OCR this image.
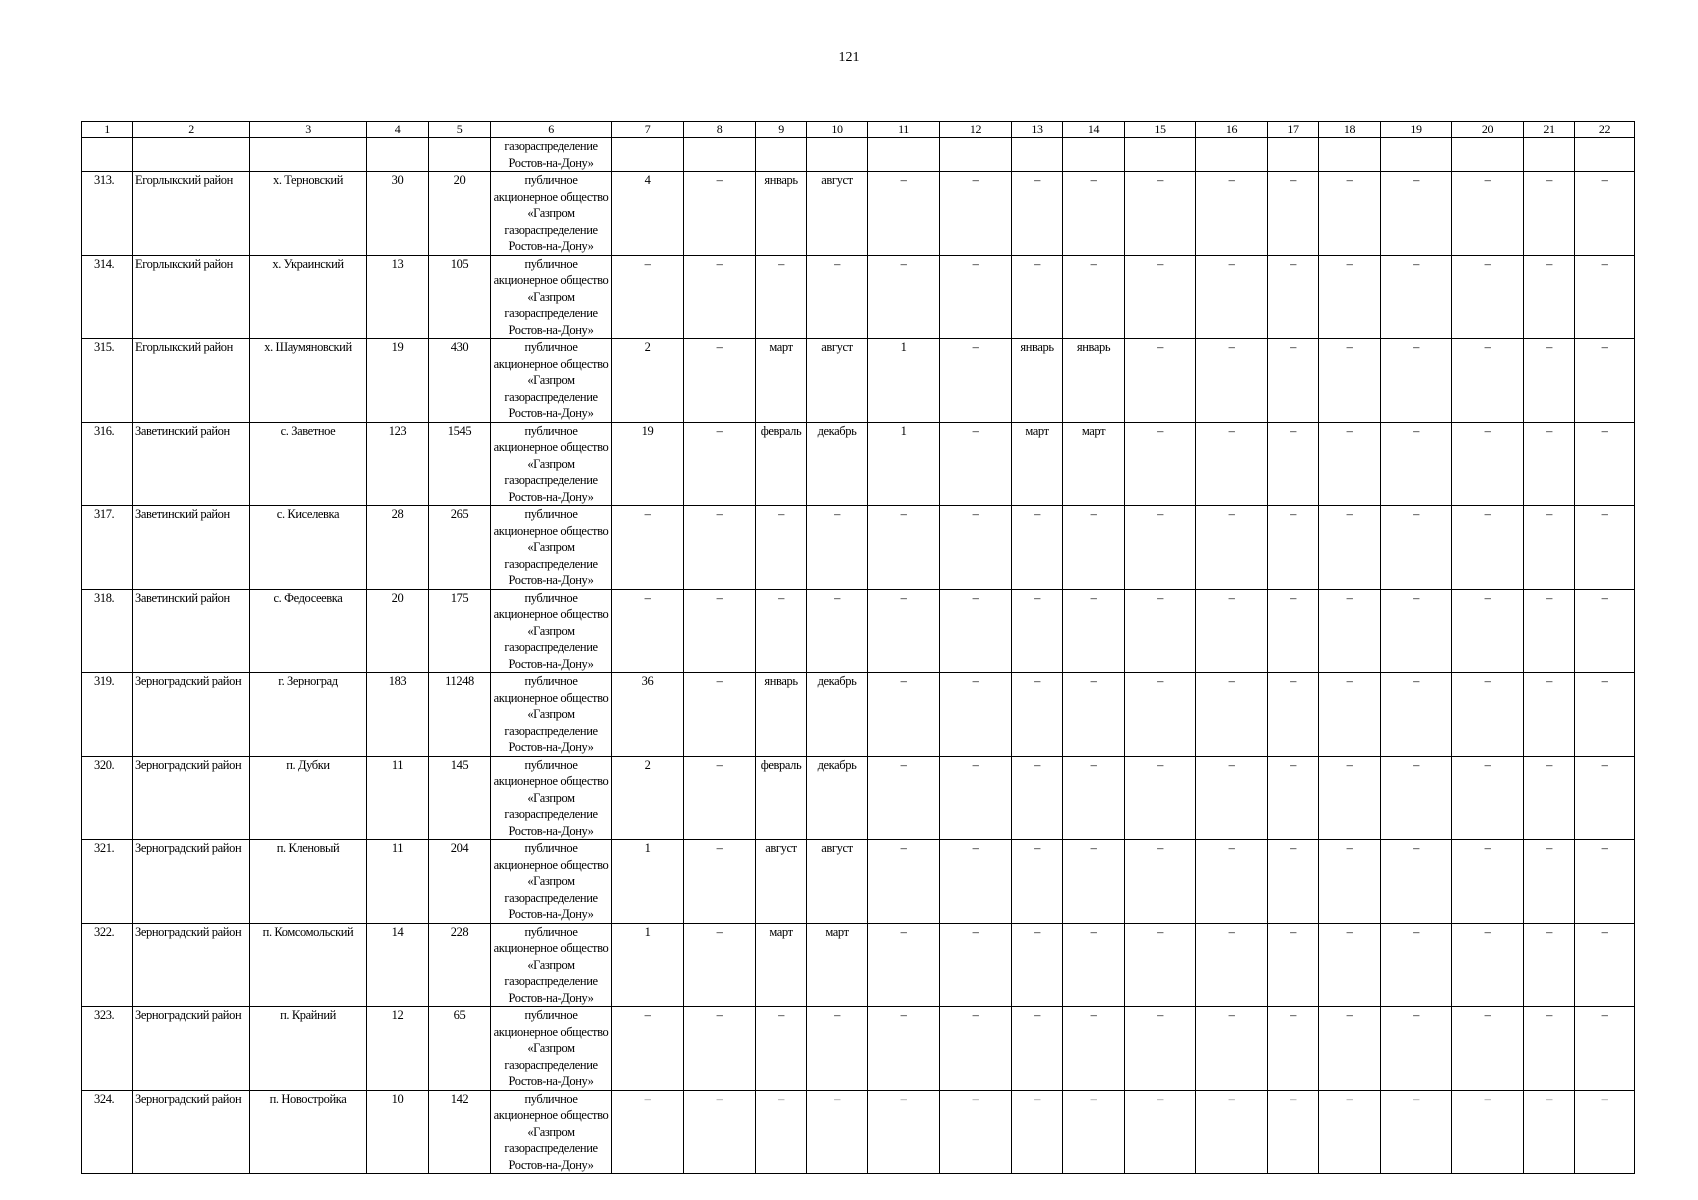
121
1	2	3	4	5	6	7	8	9	10	11	12	13	14	15	16	17	18	19	20	21	22
					газораспределение Ростов-на-Дону»																
313.	Егорлыкский район	х. Терновский	30	20	публичное акционерное общество «Газпром газораспределение Ростов-на-Дону»	4	–	январь	август	–	–	–	–	–	–	–	–	–	–	–	–
314.	Егорлыкский район	х. Украинский	13	105	публичное акционерное общество «Газпром газораспределение Ростов-на-Дону»	–	–	–	–	–	–	–	–	–	–	–	–	–	–	–	–
315.	Егорлыкский район	х. Шаумяновский	19	430	публичное акционерное общество «Газпром газораспределение Ростов-на-Дону»	2	–	март	август	1	–	январь	январь	–	–	–	–	–	–	–	–
316.	Заветинский район	с. Заветное	123	1545	публичное акционерное общество «Газпром газораспределение Ростов-на-Дону»	19	–	февраль	декабрь	1	–	март	март	–	–	–	–	–	–	–	–
317.	Заветинский район	с. Киселевка	28	265	публичное акционерное общество «Газпром газораспределение Ростов-на-Дону»	–	–	–	–	–	–	–	–	–	–	–	–	–	–	–	–
318.	Заветинский район	с. Федосеевка	20	175	публичное акционерное общество «Газпром газораспределение Ростов-на-Дону»	–	–	–	–	–	–	–	–	–	–	–	–	–	–	–	–
319.	Зерноградский район	г. Зерноград	183	11248	публичное акционерное общество «Газпром газораспределение Ростов-на-Дону»	36	–	январь	декабрь	–	–	–	–	–	–	–	–	–	–	–	–
320.	Зерноградский район	п. Дубки	11	145	публичное акционерное общество «Газпром газораспределение Ростов-на-Дону»	2	–	февраль	декабрь	–	–	–	–	–	–	–	–	–	–	–	–
321.	Зерноградский район	п. Кленовый	11	204	публичное акционерное общество «Газпром газораспределение Ростов-на-Дону»	1	–	август	август	–	–	–	–	–	–	–	–	–	–	–	–
322.	Зерноградский район	п. Комсомольский	14	228	публичное акционерное общество «Газпром газораспределение Ростов-на-Дону»	1	–	март	март	–	–	–	–	–	–	–	–	–	–	–	–
323.	Зерноградский район	п. Крайний	12	65	публичное акционерное общество «Газпром газораспределение Ростов-на-Дону»	–	–	–	–	–	–	–	–	–	–	–	–	–	–	–	–
324.	Зерноградский район	п. Новостройка	10	142	публичное акционерное общество «Газпром газораспределение Ростов-на-Дону»	–	–	–	–	–	–	–	–	–	–	–	–	–	–	–	–
